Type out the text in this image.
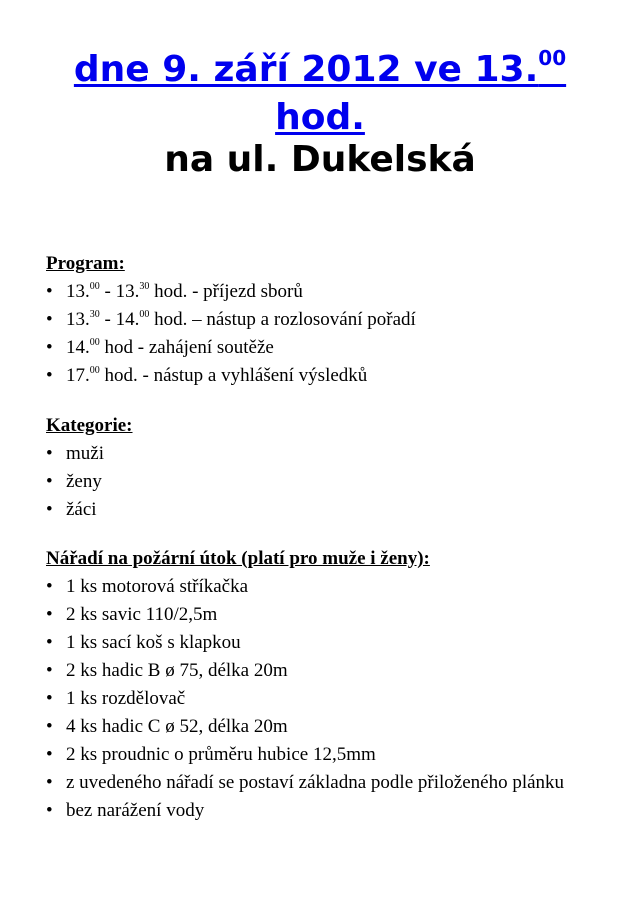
dne 9. září 2012 ve 13.00
hod.
na ul. Dukelská

Program:

• 13.00 - 13.30 hod. - příjezd sborů
• 13.30 - 14.00 hod. – nástup a rozlosování pořadí
• 14.00 hod - zahájení soutěže
• 17.00 hod. - nástup a vyhlášení výsledků

Kategorie:

• muži
• ženy
• žáci

Nářadí na požární útok (platí pro muže i ženy):

• 1 ks motorová stříkačka
• 2 ks savic 110/2,5m
• 1 ks sací koš s klapkou
• 2 ks hadic B ø 75, délka 20m
• 1 ks rozdělovač
• 4 ks hadic C ø 52, délka 20m
• 2 ks proudnic o průměru hubice 12,5mm
• z uvedeného nářadí se postaví základna podle přiloženého plánku
• bez narážení vody
